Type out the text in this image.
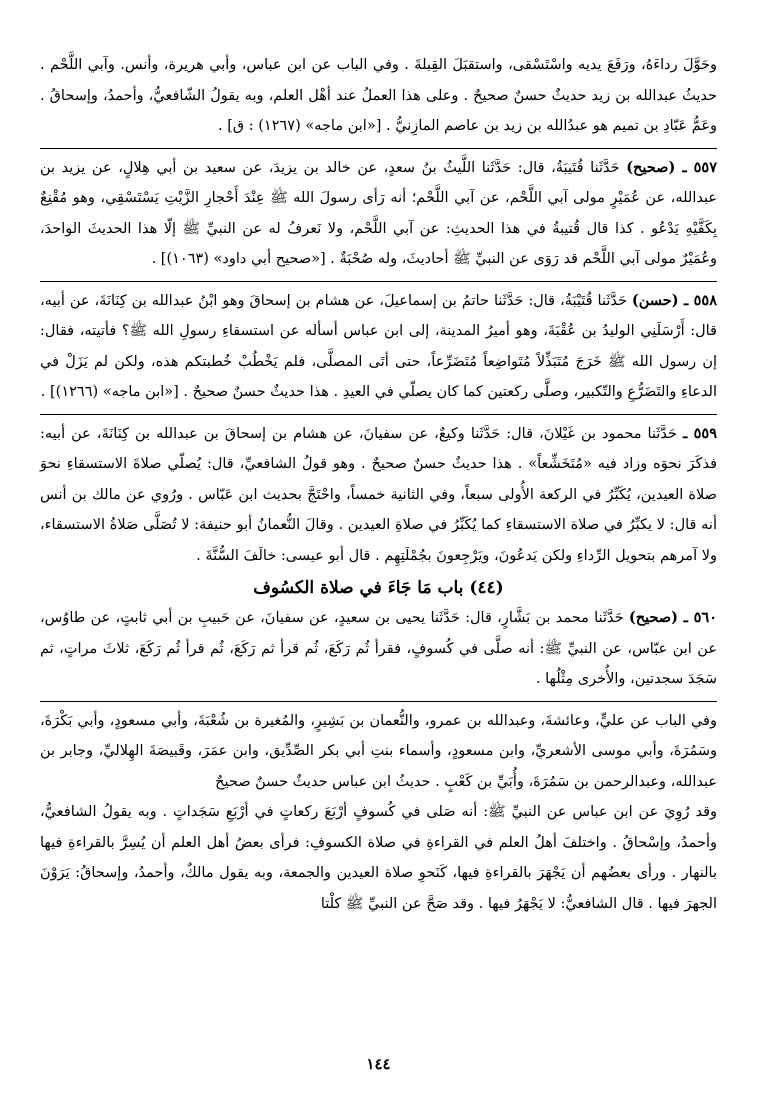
وحَوَّلَ رداءَهُ، ورَفَعَ يديه واسْتَسْقى، واستقبَلَ القِبلةَ . وفي الباب عن ابن عباس، وأبي هريرة، وأنس. وآبي اللَّحْم . حديثُ عبدالله بن زيد حديثٌ حسنٌ صحيحٌ . وعلى هذا العملُ عند أهْل العلم، وبه يقولُ الشّافعيُّ، وأحمدُ، وإسحاقُ . وعَمُّ عَبّادِ بن تميم هو عبدُالله بن زيد بن عاصم المازِنيُّ . [«ابن ماجه» (١٢٦٧) : ق] .
٥٥٧ ـ (صحيح) حَدَّثَنا قُتَيبَةُ، قال: حَدَّثَنا اللَّيثُ بنُ سعدٍ، عن خالد بن يزيدَ، عن سعيد بن أبي هِلالٍ، عن يزيد بن عبدالله، عن عُمَيْرٍ مولى آبي اللَّحْم، عن آبي اللَّحْم؛ أنه رَأى رسولَ الله ﷺ عِنْدَ أَحْجارِ الزَّيْتِ يَسْتَسْقِي، وهو مُقْنِعٌ بِكَفَّيْهِ يَدْعُو . كذا قال قُتيبةُ في هذا الحديثِ: عن آبي اللَّحْم، ولا نَعرفُ له عن النبيِّ ﷺ إلّا هذا الحديثَ الواحدَ، وعُمَيْرٌ مولى آبي اللَّحْم قد رَوَى عن النبيِّ ﷺ أحاديثَ، وله صُحْبَةٌ . [«صحيح أبي داود» (١٠٦٣)] .
٥٥٨ ـ (حسن) حَدَّثَنا قُتَيْبَةُ، قال: حَدَّثَنا حاتمُ بن إسماعيلَ، عن هشام بن إسحاقَ وهو ابْنُ عبدالله بن كِنَانَةَ، عن أبيه، قال: أَرْسَلَنِي الوليدُ بن عُقْبَةَ، وهو أميرُ المدينة، إلى ابن عباس أسأله عن استسقاءِ رسولِ الله ﷺ؟ فأتيته، فقال: إن رسول الله ﷺ خَرَجَ مُتَبَذِّلاً مُتَواضِعاً مُتَضَرِّعاً، حتى أتَى المصلَّى، فلم يَخْطُبْ خُطبتكم هذه، ولكن لم يَزَلْ في الدعاءِ والتَضَرُّعِ والتّكبير، وصلَّى ركعتين كما كان يصلّي في العيدِ . هذا حديثٌ حسنٌ صحيحٌ . [«ابن ماجه» (١٢٦٦)] .
٥٥٩ ـ حَدَّثَنا محمود بن غَيْلانَ، قال: حَدَّثَنا وكيعٌ، عن سفيانَ، عن هشام بن إسحاقَ بن عبدالله بن كِنَانَةَ، عن أبيه: فذكَرَ نحوَه وزاد فيه «مُتَخَشِّعاً» . هذا حديثٌ حسنٌ صحيحٌ . وهو قولُ الشافعيِّ، قال: يُصلّي صلاةَ الاستسقاءِ نحوَ صلاة العيدين، يُكَبِّرُ في الركعة الأُولى سبعاً، وفي الثانية خمساً، واحْتَجَّ بحديث ابن عَبّاس . ورُوي عن مالك بن أنس أنه قال: لا يكبِّرُ في صلاة الاستسقاءِ كما يُكَبِّرُ في صلاةِ العيدين . وقالَ النُّعمانُ أبو حنيفة: لا تُصَلَّى صَلاةُ الاستسقاء، ولا آمرهم بتحويل الرِّداءِ ولكن يَدعُونَ، ويَرْجِعونَ بجُمْلَتِهِم . قال أبو عيسى: خالَفَ السُّنَّةَ .
(٤٤) باب مَا جَاءَ في صلاة الكسُوف
٥٦٠ ـ (صحيح) حَدَّثَنا محمد بن بَشَّارٍ، قال: حَدَّثَنا يحيى بن سعيدٍ، عن سفيانَ، عن حَبيبِ بن أبي ثابتٍ، عن طاوُس، عن ابن عبّاس، عن النبيِّ ﷺ: أنه صلَّى في كُسوفٍ، فقرأ ثُم رَكَعَ، ثُم قرأ ثم رَكَعَ، ثُم قرأ ثُم رَكَعَ، ثلاثَ مراتٍ، ثم سَجَدَ سجدتين، والأُخرى مِثْلُها .
وفي الباب عن عليٍّ، وعائشةَ، وعبدالله بن عمرو، والنُّعمان بن بَشِيرٍ، والمُغيرة بن شُعْبَةَ، وأبي مسعودٍ، وأبي بَكْرَةَ، وسَمُرَةَ، وأبي موسى الأشعريِّ، وابن مسعودٍ، وأسماء بنتِ أبي بكر الصِّدِّيق، وابن عمَرَ، وقَبيصَةَ الهِلاليِّ، وجابر بن عبدالله، وعبدالرحمن بن سَمُرَةَ، وأُبَيِّ بن كَعْبٍ . حديثُ ابن عباس حديثٌ حسنٌ صحيحٌ
وقد رُوِيَ عن ابن عباس عن النبيِّ ﷺ: أنه صَلى في كُسوفٍ أرْبَعَ ركعاتٍ في أرْبَعِ سَجَداتٍ . وبه يقولُ الشافعيُّ، وأحمدُ، وإسْحاقُ . واختلفَ أهلُ العلم في القراءةِ في صلاة الكسوفِ: فرأى بعضُ أهل العلم أن يُسِرَّ بالقراءةِ فيها بالنهار . ورأى بعضُهم أن يَجْهَرَ بالقراءةِ فيها، كَنَحوِ صلاة العيدين والجمعة، وبه يقول مالكٌ، وأحمدُ، وإسحاقُ: يَرَوْنَ الجهرَ فيها . قال الشافعيُّ: لا يَجْهَرُ فيها . وقد صَحَّ عن النبيِّ ﷺ كلْتا
١٤٤
